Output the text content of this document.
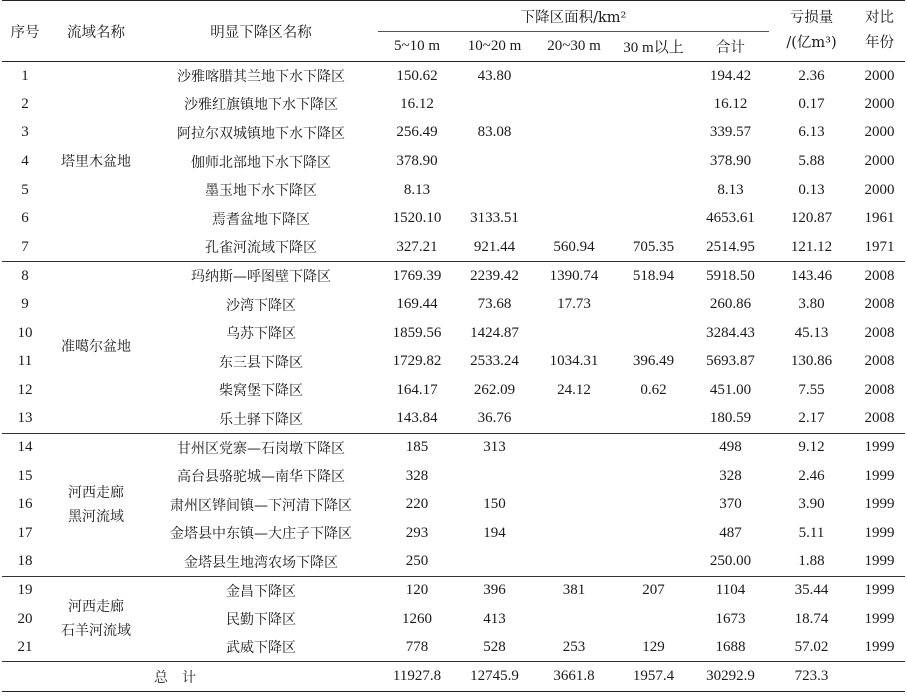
序号	流域名称	明显下降区名称	下降区面积/km²					亏损量
/(亿m³)	对比
年份
			5~10 m	10~20 m	20~30 m	30 m以上	合计		
1	塔里木盆地	沙雅喀腊其兰地下水下降区	150.62	43.80			194.42	2.36	2000
2		沙雅红旗镇地下水下降区	16.12				16.12	0.17	2000
3		阿拉尔双城镇地下水下降区	256.49	83.08			339.57	6.13	2000
4		伽师北部地下水下降区	378.90				378.90	5.88	2000
5		墨玉地下水下降区	8.13				8.13	0.13	2000
6		焉耆盆地下降区	1520.10	3133.51			4653.61	120.87	1961
7		孔雀河流域下降区	327.21	921.44	560.94	705.35	2514.95	121.12	1971
8	准噶尔盆地	玛纳斯—呼图壁下降区	1769.39	2239.42	1390.74	518.94	5918.50	143.46	2008
9		沙湾下降区	169.44	73.68	17.73		260.86	3.80	2008
10		乌苏下降区	1859.56	1424.87			3284.43	45.13	2008
11		东三县下降区	1729.82	2533.24	1034.31	396.49	5693.87	130.86	2008
12		柴窝堡下降区	164.17	262.09	24.12	0.62	451.00	7.55	2008
13		乐土驿下降区	143.84	36.76			180.59	2.17	2008
14	河西走廊
黑河流域	甘州区党寨—石岗墩下降区	185	313			498	9.12	1999
15		高台县骆驼城—南华下降区	328				328	2.46	1999
16		肃州区铧间镇—下河清下降区	220	150			370	3.90	1999
17		金塔县中东镇—大庄子下降区	293	194			487	5.11	1999
18		金塔县生地湾农场下降区	250				250.00	1.88	1999
19	河西走廊
石羊河流域	金昌下降区	120	396	381	207	1104	35.44	1999
20		民勤下降区	1260	413			1673	18.74	1999
21		武威下降区	778	528	253	129	1688	57.02	1999
		总　计	11927.8	12745.9	3661.8	1957.4	30292.9	723.3	
